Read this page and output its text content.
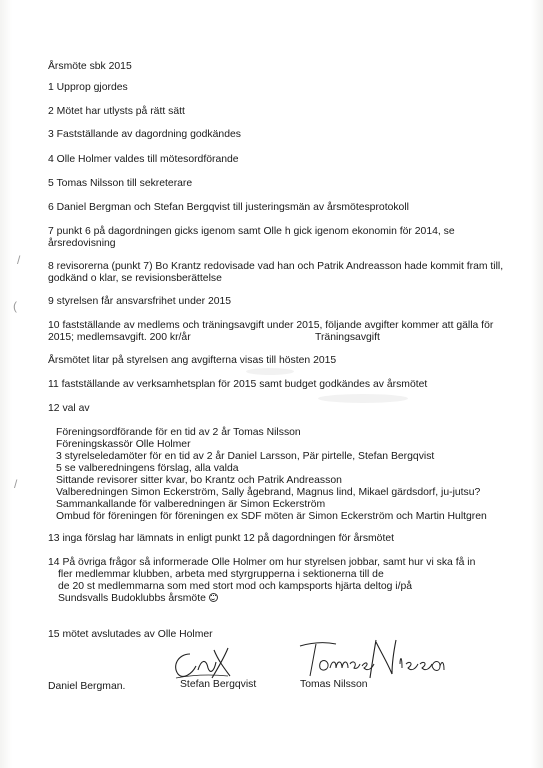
/
(
/
Årsmöte sbk 2015
1 Upprop gjordes
2 Mötet har utlysts på rätt sätt
3 Fastställande av dagordning godkändes
4 Olle Holmer valdes till mötesordförande
5 Tomas Nilsson till sekreterare
6 Daniel Bergman och Stefan Bergqvist till justeringsmän av årsmötesprotokoll
7 punkt 6 på dagordningen gicks igenom samt Olle h gick igenom ekonomin för 2014, se
årsredovisning
8 revisorerna (punkt 7) Bo Krantz redovisade vad han och Patrik Andreasson hade kommit fram till,
godkänd o klar, se revisionsberättelse
9 styrelsen får ansvarsfrihet under 2015
10 fastställande av medlems och träningsavgift under 2015, följande avgifter kommer att gälla för
2015; medlemsavgift. 200 kr/år	Träningsavgift
Årsmötet litar på styrelsen ang avgifterna visas till hösten 2015
11 fastställande av verksamhetsplan för 2015 samt budget godkändes av årsmötet
12 val av
Föreningsordförande för en tid av 2 år Tomas Nilsson
Föreningskassör Olle Holmer
3 styrelseledamöter för en tid av 2 år Daniel Larsson, Pär pirtelle, Stefan Bergqvist
5 se valberedningens förslag, alla valda
Sittande revisorer sitter kvar, bo Krantz och Patrik Andreasson
Valberedningen Simon Eckerström, Sally ågebrand, Magnus lind, Mikael gärdsdorf, ju-jutsu?
Sammankallande för valberedningen är Simon Eckerström
Ombud för föreningen för föreningen ex SDF möten är Simon Eckerström och Martin Hultgren
13 inga förslag har lämnats in enligt punkt 12 på dagordningen för årsmötet
14 På övriga frågor så informerade Olle Holmer om hur styrelsen jobbar, samt hur vi ska få in
fler medlemmar klubben, arbeta med styrgrupperna i sektionerna till de
de 20 st medlemmarna som med stort mod och kampsports hjärta deltog i/på
Sundsvalls Budoklubbs årsmöte
15 mötet avslutades av Olle Holmer
Daniel Bergman.	Stefan Bergqvist	Tomas Nilsson
